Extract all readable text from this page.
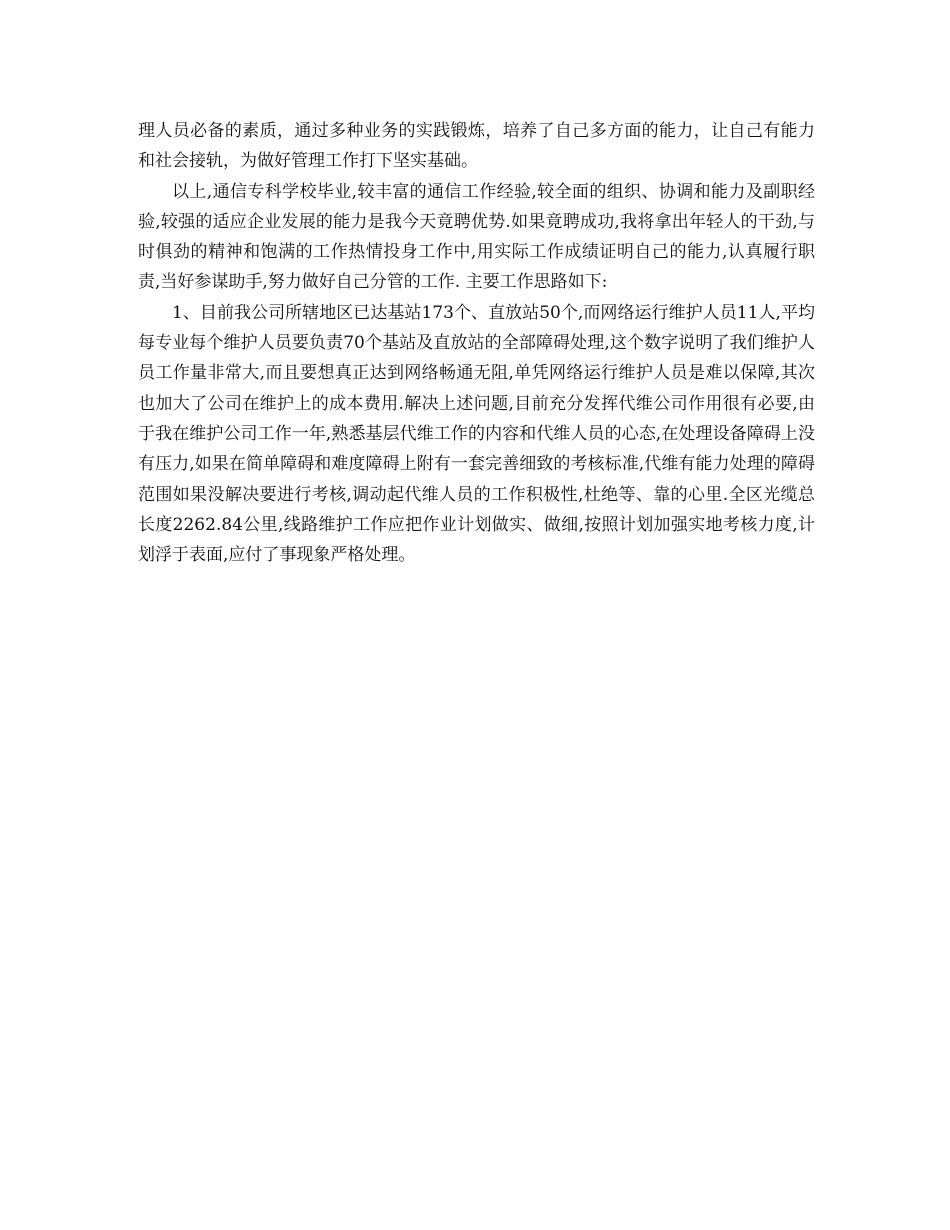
理人员必备的素质，通过多种业务的实践锻炼，培养了自己多方面的能力，让自己有能力和社会接轨，为做好管理工作打下坚实基础。

以上,通信专科学校毕业,较丰富的通信工作经验,较全面的组织、协调和能力及副职经验,较强的适应企业发展的能力是我今天竟聘优势.如果竟聘成功,我将拿出年轻人的干劲,与时俱劲的精神和饱满的工作热情投身工作中,用实际工作成绩证明自己的能力,认真履行职责,当好参谋助手,努力做好自己分管的工作. 主要工作思路如下:

1、目前我公司所辖地区已达基站173个、直放站50个,而网络运行维护人员11人,平均每专业每个维护人员要负责70个基站及直放站的全部障碍处理,这个数字说明了我们维护人员工作量非常大,而且要想真正达到网络畅通无阻,单凭网络运行维护人员是难以保障,其次也加大了公司在维护上的成本费用.解决上述问题,目前充分发挥代维公司作用很有必要,由于我在维护公司工作一年,熟悉基层代维工作的内容和代维人员的心态,在处理设备障碍上没有压力,如果在简单障碍和难度障碍上附有一套完善细致的考核标准,代维有能力处理的障碍范围如果没解决要进行考核,调动起代维人员的工作积极性,杜绝等、靠的心里.全区光缆总长度2262.84公里,线路维护工作应把作业计划做实、做细,按照计划加强实地考核力度,计划浮于表面,应付了事现象严格处理。
